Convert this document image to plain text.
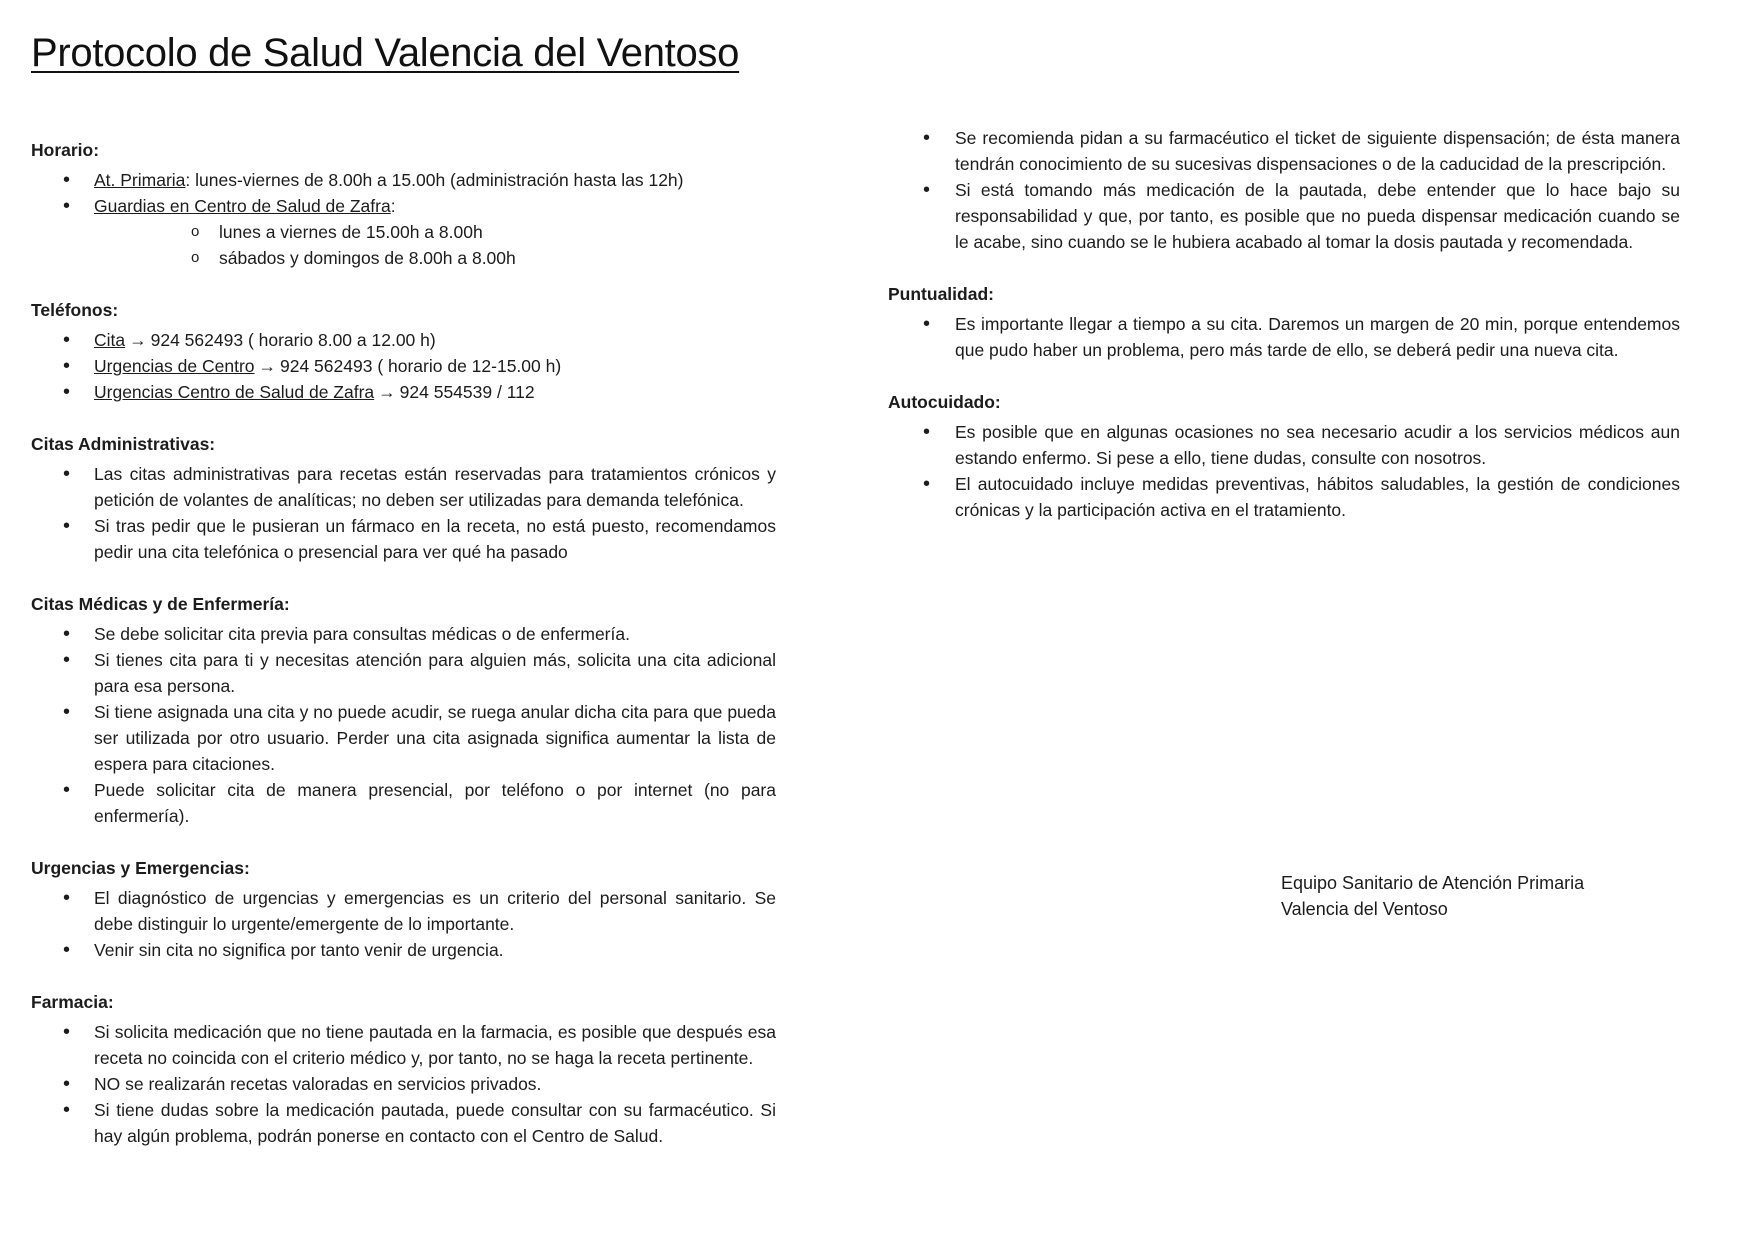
Protocolo de Salud Valencia del Ventoso
Horario:
• At. Primaria: lunes-viernes de 8.00h a 15.00h (administración hasta las 12h)
• Guardias en Centro de Salud de Zafra:
o lunes a viernes de 15.00h a 8.00h
o sábados y domingos de 8.00h a 8.00h
Teléfonos:
• Cita → 924 562493 ( horario 8.00 a 12.00 h)
• Urgencias de Centro → 924 562493 ( horario de 12-15.00 h)
• Urgencias Centro de Salud de Zafra → 924 554539 / 112
Citas Administrativas:
• Las citas administrativas para recetas están reservadas para tratamientos crónicos y petición de volantes de analíticas; no deben ser utilizadas para demanda telefónica.
• Si tras pedir que le pusieran un fármaco en la receta, no está puesto, recomendamos pedir una cita telefónica o presencial para ver qué ha pasado
Citas Médicas y de Enfermería:
• Se debe solicitar cita previa para consultas médicas o de enfermería.
• Si tienes cita para ti y necesitas atención para alguien más, solicita una cita adicional para esa persona.
• Si tiene asignada una cita y no puede acudir, se ruega anular dicha cita para que pueda ser utilizada por otro usuario. Perder una cita asignada significa aumentar la lista de espera para citaciones.
• Puede solicitar cita de manera presencial, por teléfono o por internet (no para enfermería).
Urgencias y Emergencias:
• El diagnóstico de urgencias y emergencias es un criterio del personal sanitario. Se debe distinguir lo urgente/emergente de lo importante.
• Venir sin cita no significa por tanto venir de urgencia.
Farmacia:
• Si solicita medicación que no tiene pautada en la farmacia, es posible que después esa receta no coincida con el criterio médico y, por tanto, no se haga la receta pertinente.
• NO se realizarán recetas valoradas en servicios privados.
• Si tiene dudas sobre la medicación pautada, puede consultar con su farmacéutico. Si hay algún problema, podrán ponerse en contacto con el Centro de Salud.
• Se recomienda pidan a su farmacéutico el ticket de siguiente dispensación; de ésta manera tendrán conocimiento de su sucesivas dispensaciones o de la caducidad de la prescripción.
• Si está tomando más medicación de la pautada, debe entender que lo hace bajo su responsabilidad y que, por tanto, es posible que no pueda dispensar medicación cuando se le acabe, sino cuando se le hubiera acabado al tomar la dosis pautada y recomendada.
Puntualidad:
• Es importante llegar a tiempo a su cita. Daremos un margen de 20 min, porque entendemos que pudo haber un problema, pero más tarde de ello, se deberá pedir una nueva cita.
Autocuidado:
• Es posible que en algunas ocasiones no sea necesario acudir a los servicios médicos aun estando enfermo. Si pese a ello, tiene dudas, consulte con nosotros.
• El autocuidado incluye medidas preventivas, hábitos saludables, la gestión de condiciones crónicas y la participación activa en el tratamiento.
Equipo Sanitario de Atención Primaria
Valencia del Ventoso
